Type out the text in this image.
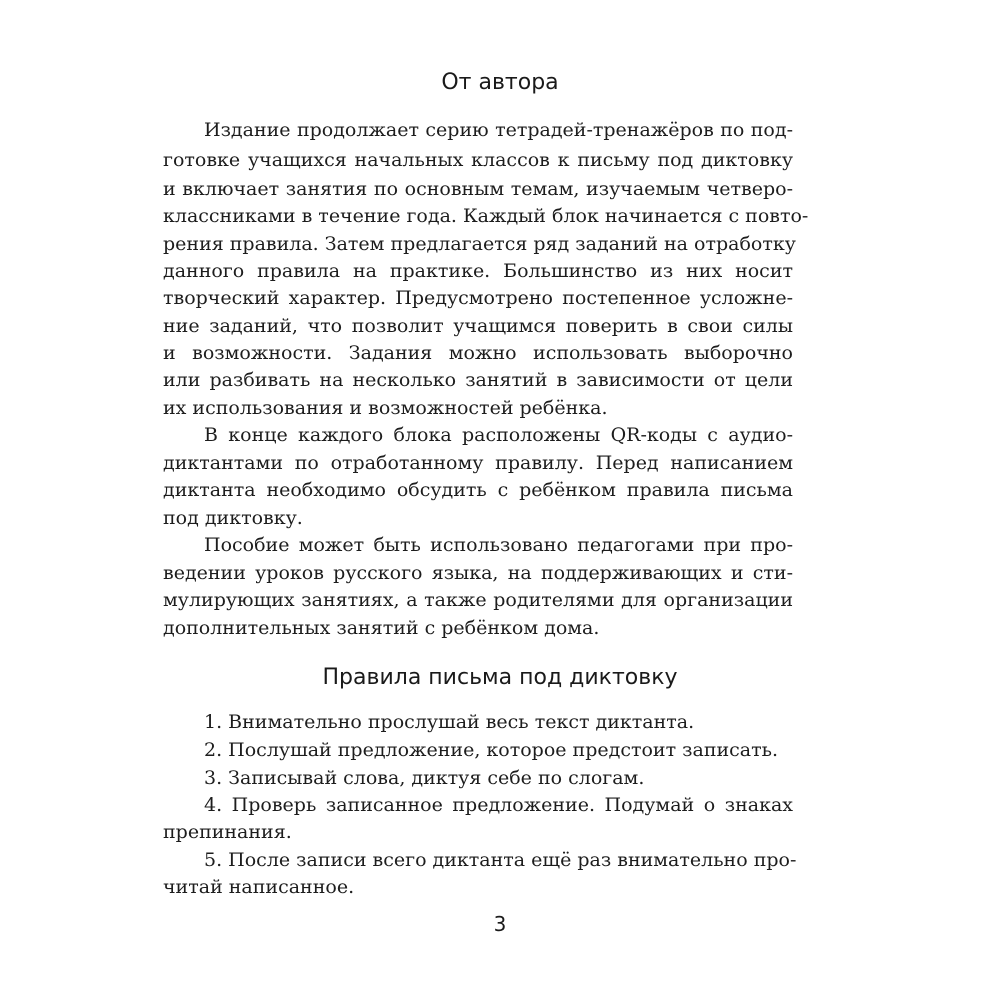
От автора
Издание продолжает серию тетрадей-тренажёров по под-
готовке учащихся начальных классов к письму под диктовку
и включает занятия по основным темам, изучаемым четверо-
классниками в течение года. Каждый блок начинается с повто-
рения правила. Затем предлагается ряд заданий на отработку
данного правила на практике. Большинство из них носит
творческий характер. Предусмотрено постепенное усложне-
ние заданий, что позволит учащимся поверить в свои силы
и возможности. Задания можно использовать выборочно
или разбивать на несколько занятий в зависимости от цели
их использования и возможностей ребёнка.
В конце каждого блока расположены QR-коды с аудио-
диктантами по отработанному правилу. Перед написанием
диктанта необходимо обсудить с ребёнком правила письма
под диктовку.
Пособие может быть использовано педагогами при про-
ведении уроков русского языка, на поддерживающих и сти-
мулирующих занятиях, а также родителями для организации
дополнительных занятий с ребёнком дома.
Правила письма под диктовку
1. Внимательно прослушай весь текст диктанта.
2. Послушай предложение, которое предстоит записать.
3. Записывай слова, диктуя себе по слогам.
4. Проверь записанное предложение. Подумай о знаках
препинания.
5. После записи всего диктанта ещё раз внимательно про-
читай написанное.
3
